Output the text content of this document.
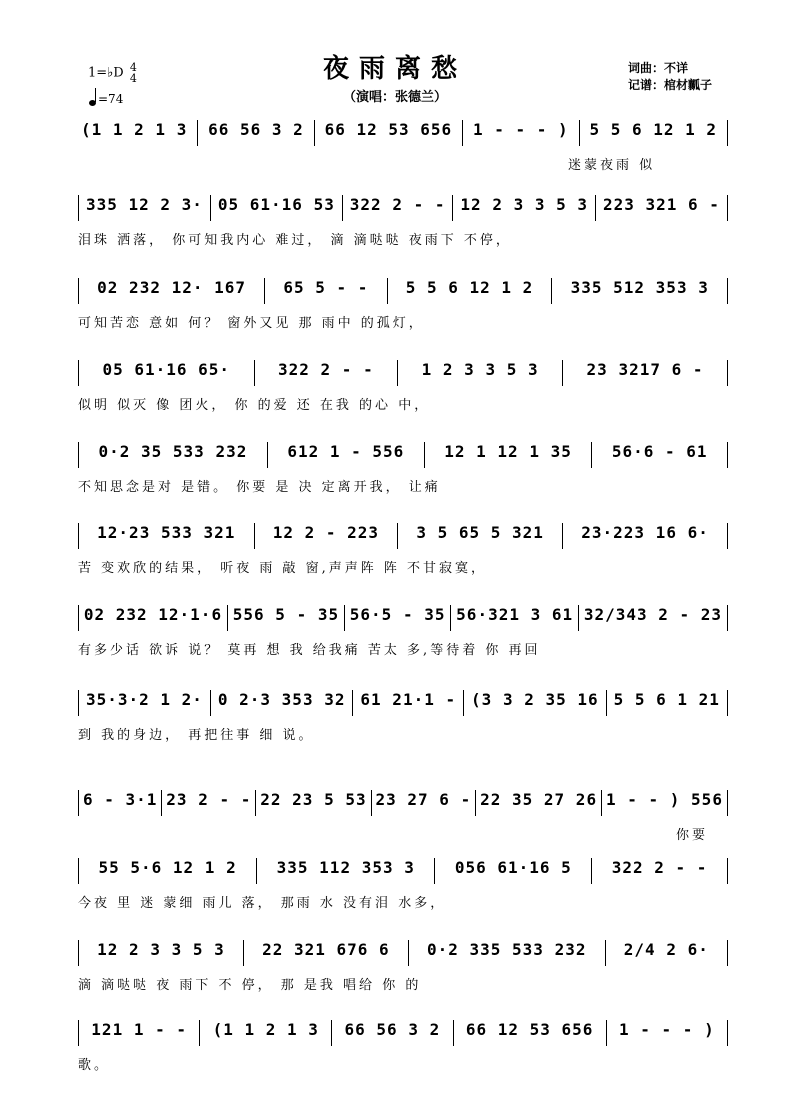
夜雨离愁
（演唱：张德兰）
词曲：不详
记谱：棺材瓤子
1=♭D 4
4
=74
(1 1 2 1 3 66 56 3 2 66 12 53 656 1 - - - ) 5 5 6 12 1 2
迷蒙夜雨 似
335 12 2 3· 05 61·16 53 322 2 - - 12 2 3 3 5 3 223 321 6 -
泪珠 洒落， 你可知我内心 难过， 滴 滴哒哒 夜雨下 不停，
02 232 12· 167 65 5 - - 5 5 6 12 1 2 335 512 353 3
可知苦恋 意如 何？ 窗外又见 那 雨中 的孤灯，
05 61·16 65·	322 2 - -	1 2 3 3 5 3	23 3217 6 -
似明 似灭 像 团火， 你 的爱 还 在我 的心 中，
0·2 35 533 232 612 1 - 556 12 1 12 1 35 56·6 - 61
不知思念是对 是错。 你要 是 决 定离开我， 让痛
12·23 533 321 12 2 - 223 3 5 65 5 321 23·223 16 6·
苦 变欢欣的结果， 听夜 雨 敲 窗,声声阵 阵 不甘寂寞，
02 232 12·1·6 556 5 - 35 56·5 - 35 56·321 3 61 32/343 2 - 23
有多少话 欲诉 说？ 莫再 想 我 给我痛 苦太 多,等待着 你 再回
35·3·2 1 2· 0 2·3 353 32 61 21·1 - (3 3 2 35 16 5 5 6 1 21
到 我的身边， 再把往事 细 说。
6 - 3·1 23 2 - - 22 23 5 53 23 27 6 - 22 35 27 26 1 - - ) 556
你要
55 5·6 12 1 2 335 112 353 3 056 61·16 5 322 2 - -
今夜 里 迷 蒙细 雨儿 落， 那雨 水 没有泪 水多，
12 2 3 3 5 3 22 321 676 6 0·2 335 533 232 2/4 2 6·
滴 滴哒哒 夜 雨下 不 停， 那 是我 唱给 你 的
121 1 - - (1 1 2 1 3 66 56 3 2 66 12 53 656 1 - - - )
歌。
